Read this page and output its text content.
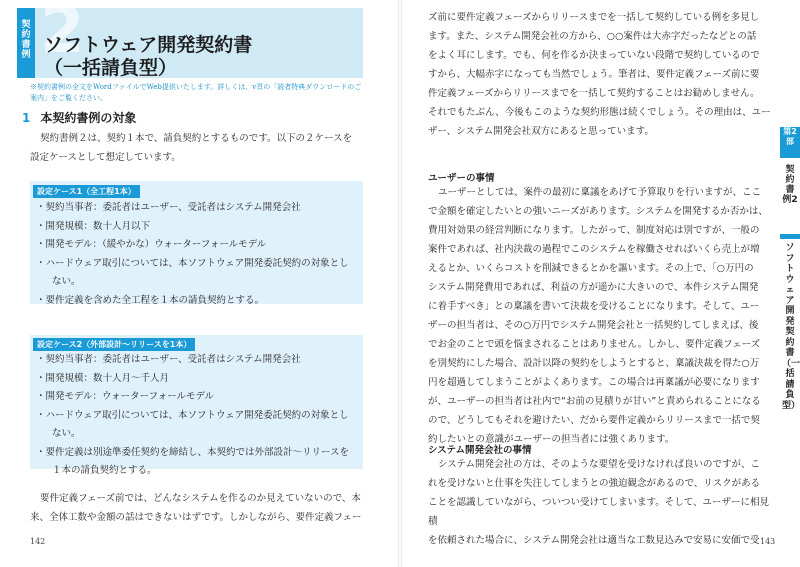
契約書例 2
ソフトウェア開発契約書
（一括請負型）
※契約書例の全文をWordファイルでWeb提供いたします。詳しくは、v頁の「読者特典ダウンロードのご案内」をご覧ください。
1 本契約書例の対象
契約書例２は、契約１本で、請負契約とするものです。以下の２ケースを
設定ケースとして想定しています。
設定ケース1（全工程1本）
・ 契約当事者：委託者はユーザー、受託者はシステム開発会社
・ 開発規模：数十人月以下
・ 開発モデル：（緩やかな）ウォーターフォールモデル
・ ハードウェア取引については、本ソフトウェア開発委託契約の対象とし
ない。
・ 要件定義を含めた全工程を１本の請負契約とする。
設定ケース2（外部設計～リリースを1本）
・ 契約当事者：委託者はユーザー、受託者はシステム開発会社
・ 開発規模：数十人月～千人月
・ 開発モデル：ウォーターフォールモデル
・ ハードウェア取引については、本ソフトウェア開発委託契約の対象とし
ない。
・ 要件定義は別途準委任契約を締結し、本契約では外部設計～リリースを
１本の請負契約とする。
要件定義フェーズ前では、どんなシステムを作るのか見えていないので、本
来、全体工数や金額の話はできないはずです。しかしながら、要件定義フェー
142
ズ前に要件定義フェーズからリリースまでを一括して契約している例を多見し
ます。また、システム開発会社の方から、○○案件は大赤字だったなどとの話
をよく耳にします。でも、何を作るか決まっていない段階で契約しているので
すから、大幅赤字になっても当然でしょう。筆者は、要件定義フェーズ前に要
件定義フェーズからリリースまでを一括して契約することはお勧めしません。
それでもたぶん、今後もこのような契約形態は続くでしょう。その理由は、ユー
ザー、システム開発会社双方にあると思っています。
ユーザーの事情
ユーザーとしては、案件の最初に稟議をあげて予算取りを行いますが、ここ
で金額を確定したいとの強いニーズがあります。システムを開発するか否かは、
費用対効果の経営判断になります。したがって、制度対応は別ですが、一般の
案件であれば、社内決裁の過程でこのシステムを稼働させればいくら売上が増
えるとか、いくらコストを削減できるとかを謳います。その上で、「○万円の
システム開発費用であれば、利益の方が遥かに大きいので、本件システム開発
に着手すべき」との稟議を書いて決裁を受けることになります。そして、ユー
ザーの担当者は、その○万円でシステム開発会社と一括契約してしまえば、後
でお金のことで頭を悩まされることはありません。しかし、要件定義フェーズ
を別契約にした場合、設計以降の契約をしようとすると、稟議決裁を得た○万
円を超過してしまうことがよくあります。この場合は再稟議が必要になります
が、ユーザーの担当者は社内で“お前の見積りが甘い”と責められることになる
ので、どうしてもそれを避けたい、だから要件定義からリリースまで一括で契
約したいとの意識がユーザーの担当者には強くあります。
システム開発会社の事情
システム開発会社の方は、そのような要望を受けなければ良いのですが、こ
れを受けないと仕事を失注してしまうとの強迫観念があるので、リスクがある
ことを認識していながら、ついつい受けてしまいます。そして、ユーザーに相見積
を依頼された場合に、システム開発会社は適当な工数見込みで安易に安価で受 143
第2部
契約書例2
ソフトウェア開発契約書（一括請負型）
